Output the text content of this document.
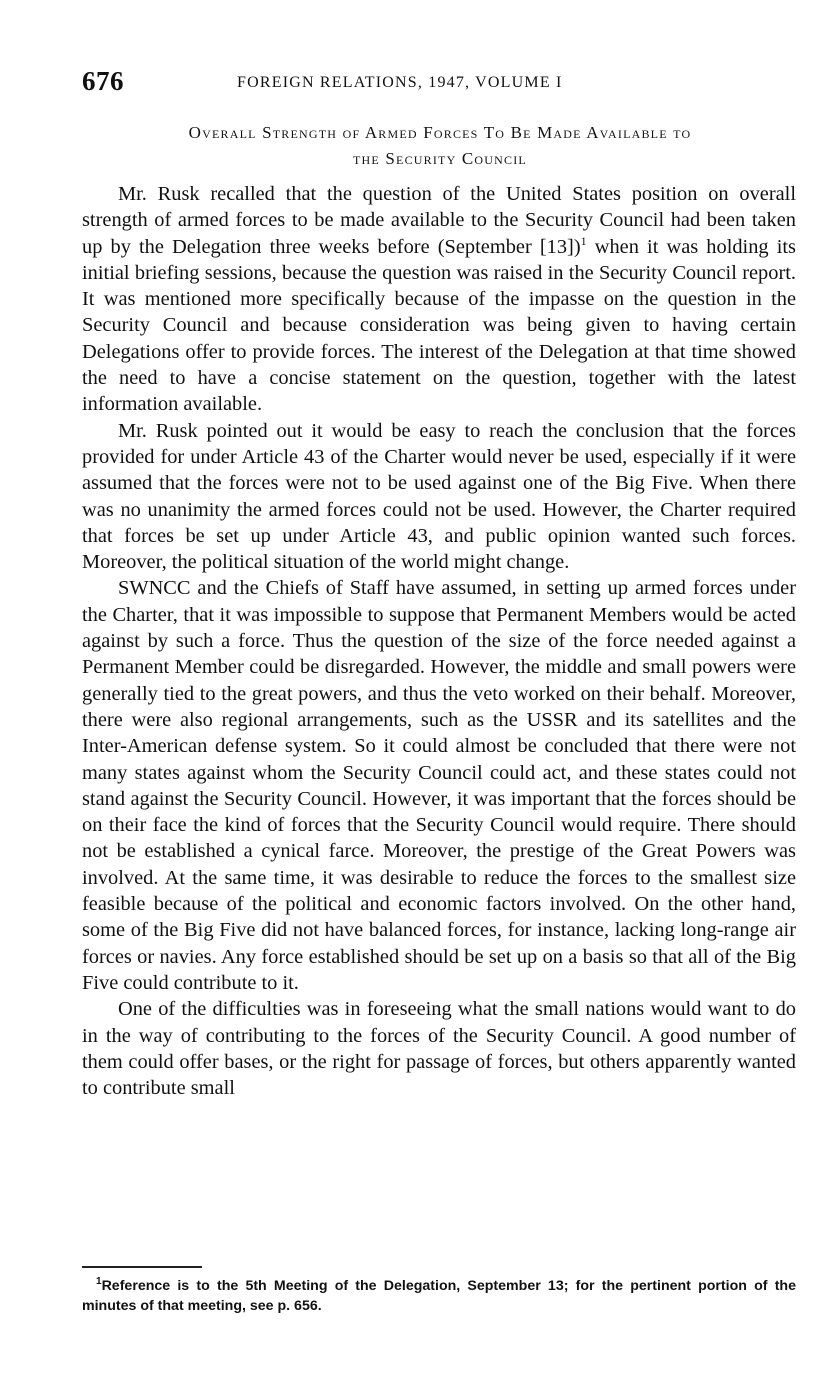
676	FOREIGN RELATIONS, 1947, VOLUME I
Overall Strength of Armed Forces To Be Made Available to
the Security Council

Mr. Rusk recalled that the question of the United States position on overall strength of armed forces to be made available to the Security Council had been taken up by the Delegation three weeks before (September [13])$^1$ when it was holding its initial briefing sessions, because the question was raised in the Security Council report. It was mentioned more specifically because of the impasse on the question in the Security Council and because consideration was being given to having certain Delegations offer to provide forces. The interest of the Delegation at that time showed the need to have a concise statement on the question, together with the latest information available.

Mr. Rusk pointed out it would be easy to reach the conclusion that the forces provided for under Article 43 of the Charter would never be used, especially if it were assumed that the forces were not to be used against one of the Big Five. When there was no unanimity the armed forces could not be used. However, the Charter required that forces be set up under Article 43, and public opinion wanted such forces. Moreover, the political situation of the world might change.

SWNCC and the Chiefs of Staff have assumed, in setting up armed forces under the Charter, that it was impossible to suppose that Permanent Members would be acted against by such a force. Thus the question of the size of the force needed against a Permanent Member could be disregarded. However, the middle and small powers were generally tied to the great powers, and thus the veto worked on their behalf. Moreover, there were also regional arrangements, such as the USSR and its satellites and the Inter-American defense system. So it could almost be concluded that there were not many states against whom the Security Council could act, and these states could not stand against the Security Council. However, it was important that the forces should be on their face the kind of forces that the Security Council would require. There should not be established a cynical farce. Moreover, the prestige of the Great Powers was involved. At the same time, it was desirable to reduce the forces to the smallest size feasible because of the political and economic factors involved. On the other hand, some of the Big Five did not have balanced forces, for instance, lacking long-range air forces or navies. Any force established should be set up on a basis so that all of the Big Five could contribute to it.

One of the difficulties was in foreseeing what the small nations would want to do in the way of contributing to the forces of the Security Council. A good number of them could offer bases, or the right for passage of forces, but others apparently wanted to contribute small

$^1$Reference is to the 5th Meeting of the Delegation, September 13; for the pertinent portion of the minutes of that meeting, see p. 656.
